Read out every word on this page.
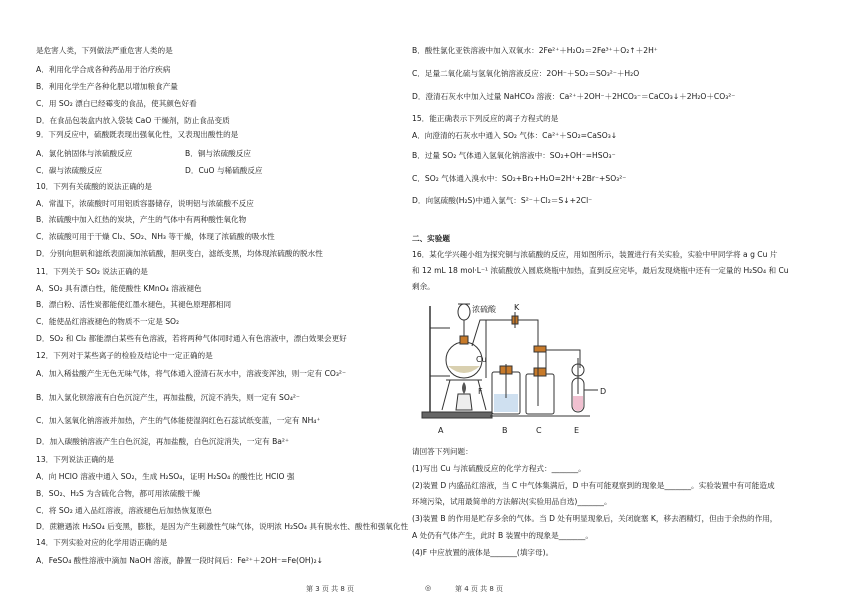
是危害人类，下列做法严重危害人类的是
A．利用化学合成各种药品用于治疗疾病
B．利用化学生产各种化肥以增加粮食产量
C．用 SO₂ 漂白已经霉变的食品，使其颜色好看
D．在食品包装盒内放入袋装 CaO 干燥剂，防止食品变质
9．下列反应中，硫酸既表现出强氧化性，又表现出酸性的是
A．氯化钠固体与浓硫酸反应	B．铜与浓硫酸反应
C．碳与浓硫酸反应	D．CuO 与稀硫酸反应
10．下列有关硫酸的说法正确的是
A．常温下，浓硫酸时可用铝质容器储存，说明铝与浓硫酸不反应
B．浓硫酸中加入红热的炭块，产生的气体中有两种酸性氧化物
C．浓硫酸可用于干燥 Cl₂、SO₂、NH₃ 等干燥，体现了浓硫酸的吸水性
D．分别向胆矾和滤纸表面滴加浓硫酸，胆矾变白，滤纸变黑，均体现浓硫酸的脱水性
11．下列关于 SO₂ 说法正确的是
A．SO₂ 具有漂白性，能使酸性 KMnO₄ 溶液褪色
B．漂白粉、活性炭都能使红墨水褪色，其褪色原理都相同
C．能使品红溶液褪色的物质不一定是 SO₂
D．SO₂ 和 Cl₂ 都能漂白某些有色溶液，若将两种气体同时通入有色溶液中，漂白效果会更好
12．下列对于某些离子的检验及结论中一定正确的是
A．加入稀盐酸产生无色无味气体，将气体通入澄清石灰水中，溶液变浑浊，则一定有 CO₃²⁻
B．加入氯化钡溶液有白色沉淀产生，再加盐酸，沉淀不消失，则一定有 SO₄²⁻
C．加入氢氧化钠溶液并加热，产生的气体能使湿润红色石蕊试纸变蓝，一定有 NH₄⁺
D．加入碳酸钠溶液产生白色沉淀，再加盐酸，白色沉淀消失，一定有 Ba²⁺
13．下列说法正确的是
A．向 HClO 溶液中通入 SO₂，生成 H₂SO₄，证明 H₂SO₄ 的酸性比 HClO 强
B．SO₂、H₂S 为含硫化合物，都可用浓硫酸干燥
C．将 SO₂ 通入品红溶液，溶液褪色后加热恢复原色
D．蔗糖遇浓 H₂SO₄ 后变黑，膨胀，是因为产生刺激性气味气体，说明浓 H₂SO₄ 具有脱水性、酸性和强氧化性
14．下列实验对应的化学用语正确的是
A．FeSO₄ 酸性溶液中滴加 NaOH 溶液，静置一段时间后：Fe²⁺＋2OH⁻=Fe(OH)₂↓
B．酸性氯化亚铁溶液中加入双氧水：2Fe²⁺＋H₂O₂＝2Fe³⁺＋O₂↑＋2H⁺
C．足量二氧化硫与氢氧化钠溶液反应：2OH⁻＋SO₂＝SO₃²⁻＋H₂O
D．澄清石灰水中加入过量 NaHCO₃ 溶液：Ca²⁺＋2OH⁻＋2HCO₃⁻＝CaCO₃↓＋2H₂O＋CO₃²⁻
15．能正确表示下列反应的离子方程式的是
A．向澄清的石灰水中通入 SO₂ 气体：Ca²⁺＋SO₂=CaSO₃↓
B．过量 SO₂ 气体通入氢氧化钠溶液中：SO₂+OH⁻=HSO₃⁻
C．SO₂ 气体通入溴水中：SO₂+Br₂+H₂O=2H⁺+2Br⁻+SO₃²⁻
D．向氢硫酸(H₂S)中通入氯气：S²⁻＋Cl₂＝S↓+2Cl⁻
二、实验题
16．某化学兴趣小组为探究铜与浓硫酸的反应，用如图所示，装置进行有关实验，实验中甲同学将 a g Cu 片
和 12 mL 18 mol·L⁻¹ 浓硫酸放入圆底烧瓶中加热，直到反应完毕，最后发现烧瓶中还有一定量的 H₂SO₄ 和 Cu
剩余。
请回答下列问题：
(1)写出 Cu 与浓硫酸反应的化学方程式：_______。
(2)装置 D 内盛品红溶液，当 C 中气体集满后，D 中有可能观察到的现象是_______。实验装置中有可能造成
环境污染，试用最简单的方法解决(实验用品自选)_______。
(3)装置 B 的作用是贮存多余的气体。当 D 处有明显现象后，关闭旋塞 K，移去酒精灯，但由于余热的作用，
A 处仍有气体产生，此时 B 装置中的现象是_______。
(4)F 中应放置的液体是_______(填字母)。
浓硫酸 K
Cu
F
A	B	C
D
E
第 3 页 共 8 页	◎	第 4 页 共 8 页
